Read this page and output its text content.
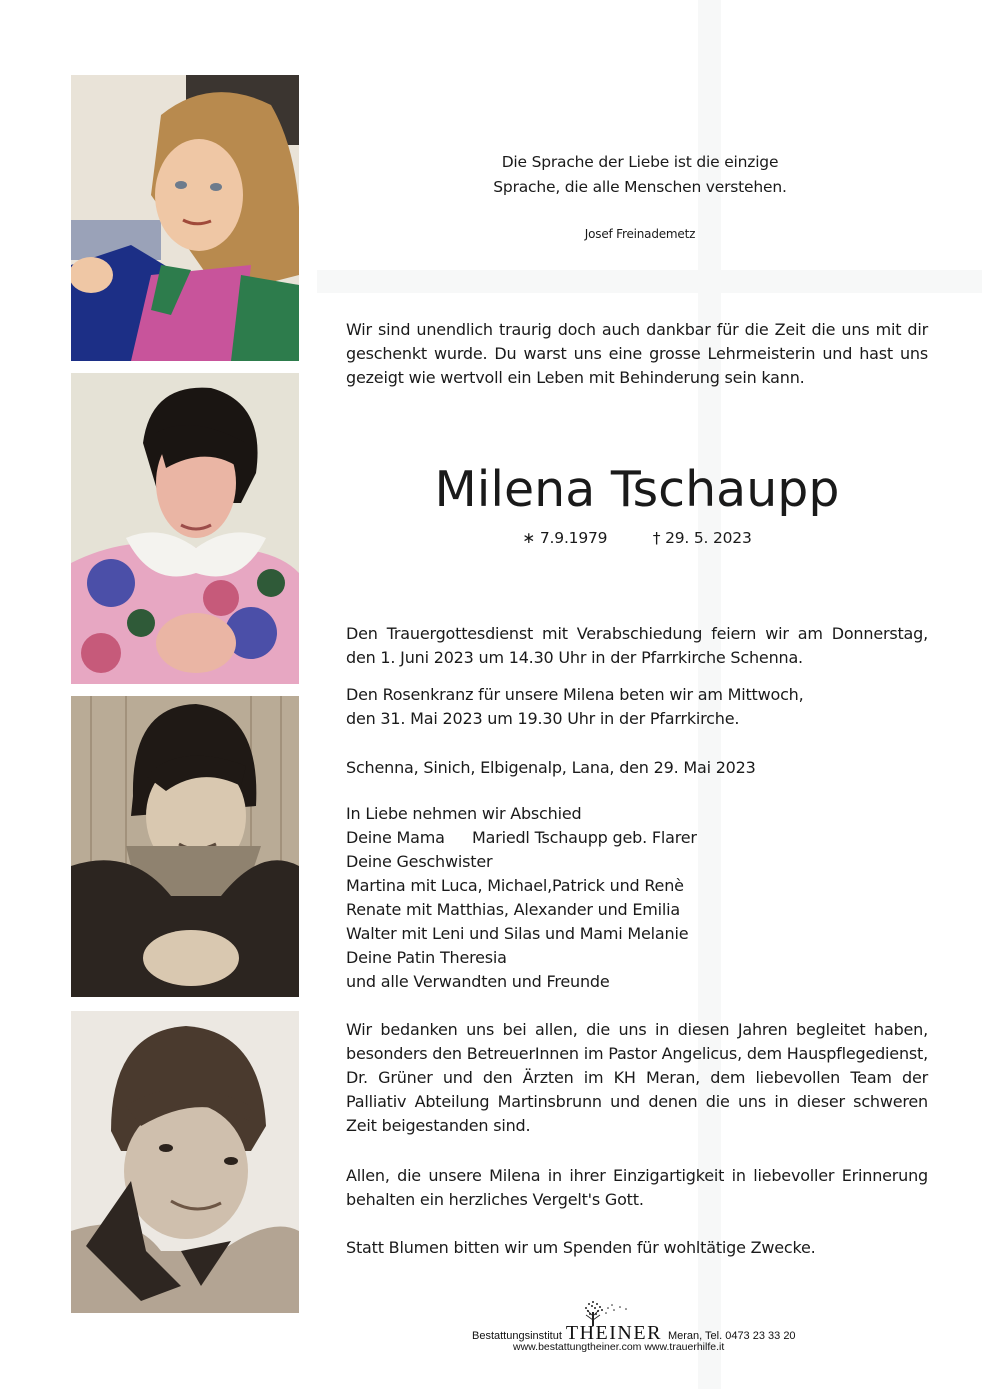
Die Sprache der Liebe ist die einzige
Sprache, die alle Menschen verstehen.
Josef Freinademetz
Wir sind unendlich traurig doch auch dankbar für die Zeit die uns mit dir geschenkt wurde. Du warst uns eine grosse Lehrmeisterin und hast uns gezeigt wie wertvoll ein Leben mit Behinderung sein kann.
Milena Tschaupp
∗ 7.9.1979	† 29. 5. 2023
Den Trauergottesdienst mit Verabschiedung feiern wir am Donnerstag, den 1. Juni 2023 um 14.30 Uhr in der Pfarrkirche Schenna.
Den Rosenkranz für unsere Milena beten wir am Mittwoch,
den 31. Mai 2023 um 19.30 Uhr in der Pfarrkirche.
Schenna, Sinich, Elbigenalp, Lana, den 29. Mai 2023
In Liebe nehmen wir Abschied
Deine Mama Mariedl Tschaupp geb. Flarer
Deine Geschwister
Martina mit Luca, Michael,Patrick und Renè
Renate mit Matthias, Alexander und Emilia
Walter mit Leni und Silas und Mami Melanie
Deine Patin Theresia
und alle Verwandten und Freunde
Wir bedanken uns bei allen, die uns in diesen Jahren begleitet haben, besonders den BetreuerInnen im Pastor Angelicus, dem Hauspflegedienst, Dr. Grüner und den Ärzten im KH Meran, dem liebevollen Team der Palliativ Abteilung Martinsbrunn und denen die uns in dieser schweren Zeit beigestanden sind.
Allen, die unsere Milena in ihrer Einzigartigkeit in liebevoller Erinnerung behalten ein herzliches Vergelt's Gott.
Statt Blumen bitten wir um Spenden für wohltätige Zwecke.
Bestattungsinstitut THEINER Meran, Tel. 0473 23 33 20
www.bestattungtheiner.com www.trauerhilfe.it
